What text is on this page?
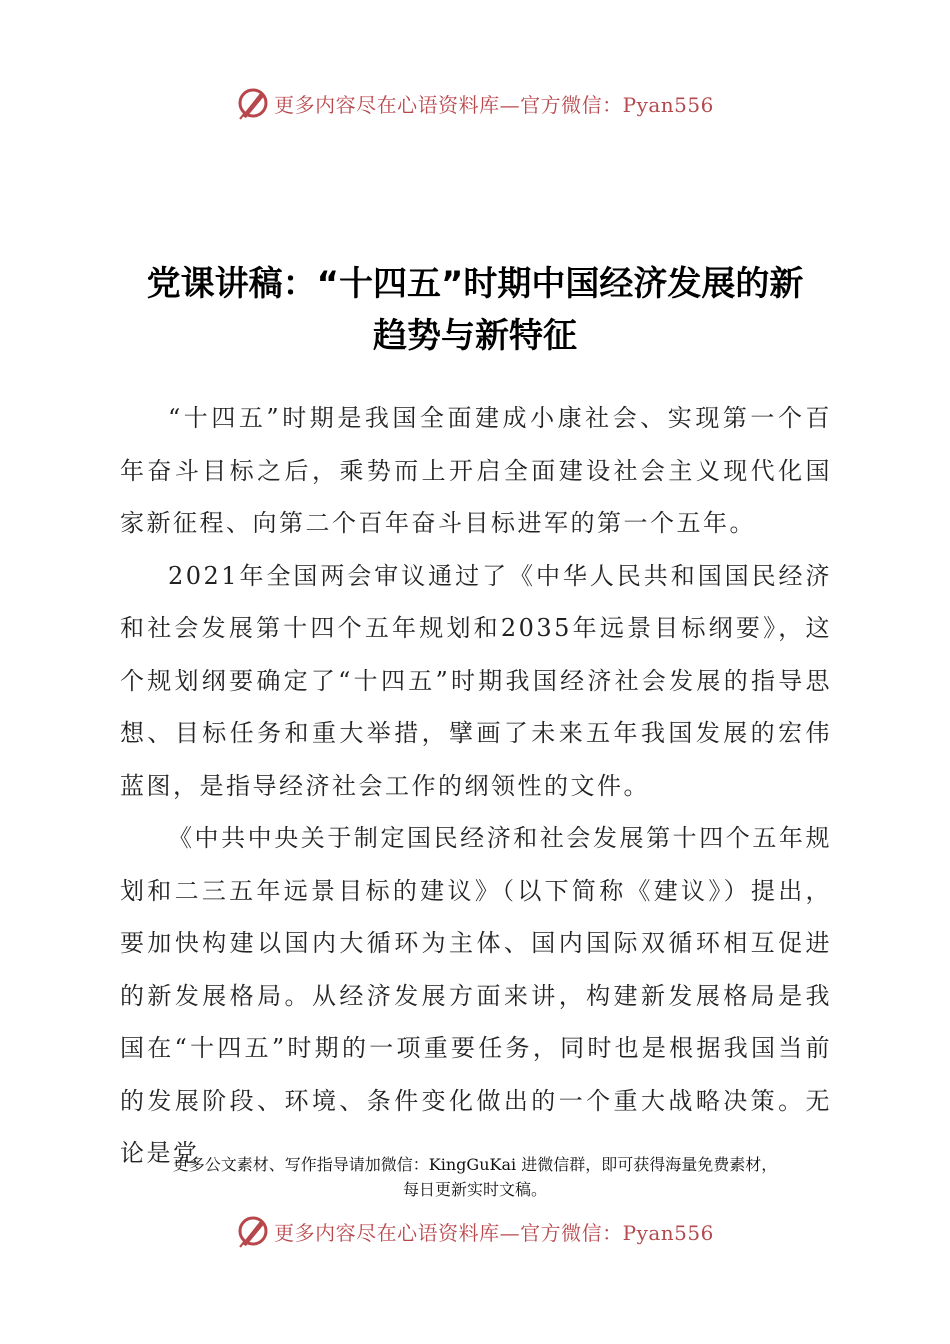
更多内容尽在心语资料库—官方微信：Pyan556
党课讲稿：“十四五”时期中国经济发展的新
趋势与新特征

“十四五”时期是我国全面建成小康社会、实现第一个百年奋斗目标之后，乘势而上开启全面建设社会主义现代化国家新征程、向第二个百年奋斗目标进军的第一个五年。

2021年全国两会审议通过了《中华人民共和国国民经济和社会发展第十四个五年规划和2035年远景目标纲要》，这个规划纲要确定了“十四五”时期我国经济社会发展的指导思想、目标任务和重大举措，擘画了未来五年我国发展的宏伟蓝图，是指导经济社会工作的纲领性的文件。

《中共中央关于制定国民经济和社会发展第十四个五年规划和二三五年远景目标的建议》（以下简称《建议》）提出，要加快构建以国内大循环为主体、国内国际双循环相互促进的新发展格局。从经济发展方面来讲，构建新发展格局是我国在“十四五”时期的一项重要任务，同时也是根据我国当前的发展阶段、环境、条件变化做出的一个重大战略决策。无论是党

更多公文素材、写作指导请加微信：KingGuKai 进微信群，即可获得海量免费素材，
每日更新实时文稿。
更多内容尽在心语资料库—官方微信：Pyan556
